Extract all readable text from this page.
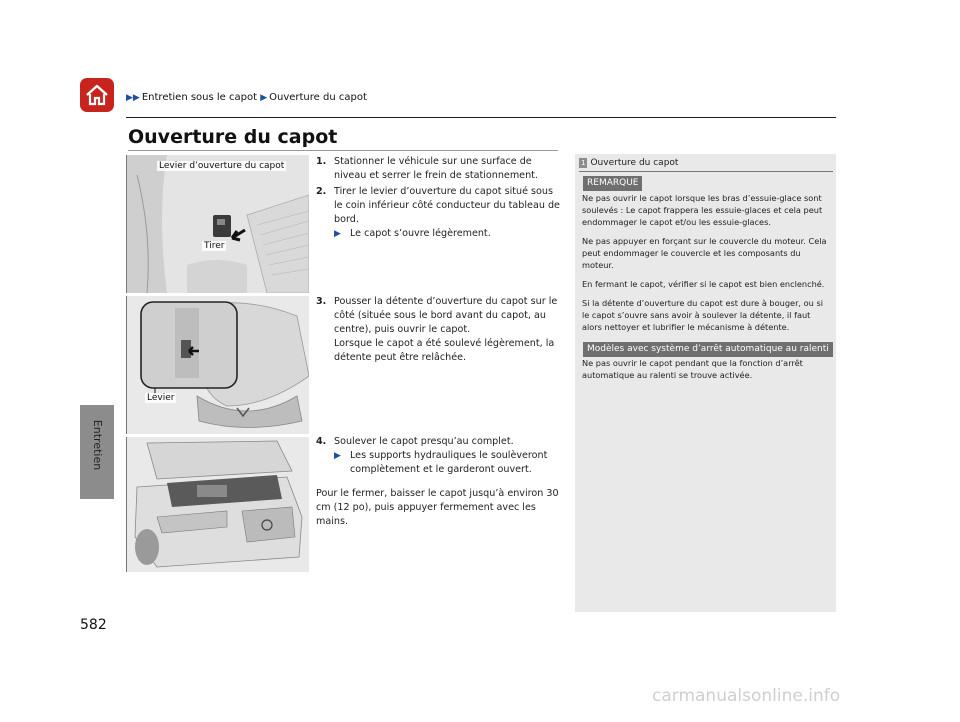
▶▶ Entretien sous le capot ▶ Ouverture du capot
Ouverture du capot
Entretien
Levier d’ouverture du capot
Tirer
Levier
1. Stationner le véhicule sur une surface de niveau et serrer le frein de stationnement.
2. Tirer le levier d’ouverture du capot situé sous le coin inférieur côté conducteur du tableau de bord.
▶ Le capot s’ouvre légèrement.
3. Pousser la détente d’ouverture du capot sur le côté (située sous le bord avant du capot, au centre), puis ouvrir le capot.
Lorsque le capot a été soulevé légèrement, la détente peut être relâchée.
4. Soulever le capot presqu’au complet.
▶ Les supports hydrauliques le soulèveront complètement et le garderont ouvert.
Pour le fermer, baisser le capot jusqu’à environ 30 cm (12 po), puis appuyer fermement avec les mains.
1 Ouverture du capot
REMARQUE

Ne pas ouvrir le capot lorsque les bras d’essuie-glace sont soulevés : Le capot frappera les essuie-glaces et cela peut endommager le capot et/ou les essuie-glaces.

Ne pas appuyer en forçant sur le couvercle du moteur. Cela peut endommager le couvercle et les composants du moteur.

En fermant le capot, vérifier si le capot est bien enclenché.

Si la détente d’ouverture du capot est dure à bouger, ou si le capot s’ouvre sans avoir à soulever la détente, il faut alors nettoyer et lubrifier le mécanisme à détente.

Modèles avec système d’arrêt automatique au ralenti

Ne pas ouvrir le capot pendant que la fonction d’arrêt automatique au ralenti se trouve activée.

582
carmanualsonline.info
